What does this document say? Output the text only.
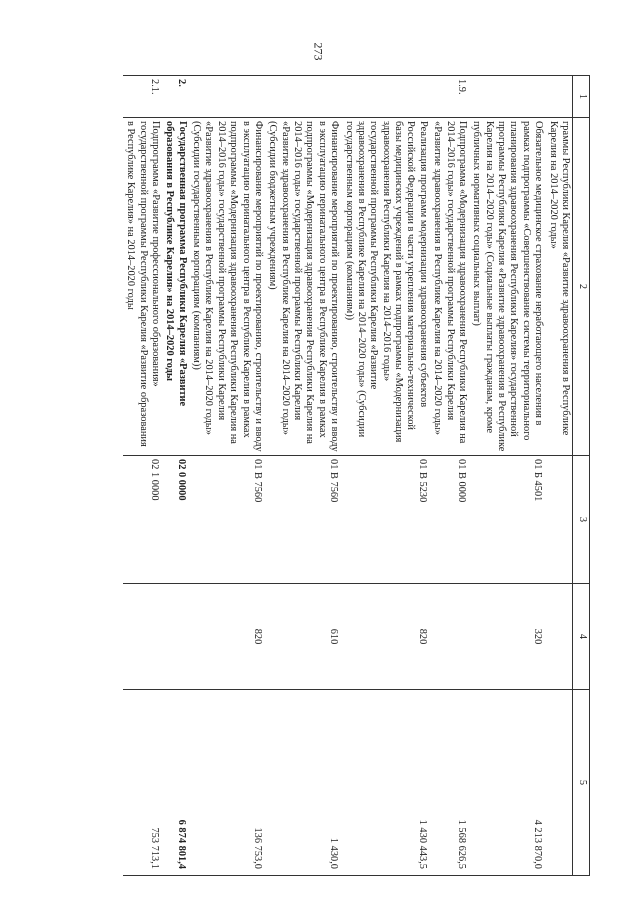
273
1	2	3	4	5
	граммы Республики Карелия «Развитие здравоохранения в Республике Карелия на 2014–2020 годы»			
	Обязательное медицинское страхование неработающего населения в рамках подпрограммы «Совершенствование системы территориального планирования здравоохранения Республики Карелия» государственной программы Республики Карелия «Развитие здравоохранения в Республике Карелия на 2014–2020 годы» (Социальные выплаты гражданам, кроме публичных нормативных социальных выплат)	01 Б 4501	320	4 213 870,0
1.9.	Подпрограмма «Модернизация здравоохранения Республики Карелия на 2014–2016 годы» государственной программы Республики Карелия «Развитие здравоохранения в Республике Карелия на 2014–2020 годы»	01 В 0000		1 568 626,5
	Реализация программ модернизации здравоохранения субъектов Российской Федерации в части укрепления материально-технической базы медицинских учреждений в рамках подпрограммы «Модернизация здравоохранения Республики Карелия на 2014–2016 годы» государственной программы Республики Карелия «Развитие здравоохранения в Республике Карелия на 2014–2020 годы» (Субсидии государственным корпорациям (компаниям))	01 В 5230	820	1 430 443,5
	Финансирование мероприятий по проектированию, строительству и вводу в эксплуатацию перинатального центра в Республике Карелия в рамках подпрограммы «Модернизация здравоохранения Республики Карелия на 2014–2016 годы» государственной программы Республики Карелия «Развитие здравоохранения в Республике Карелия на 2014–2020 годы» (Субсидии бюджетным учреждениям)	01 В 7560	610	1 430,0
	Финансирование мероприятий по проектированию, строительству и вводу в эксплуатацию перинатального центра в Республике Карелия в рамках подпрограммы «Модернизация здравоохранения Республики Карелия на 2014–2016 годы» государственной программы Республики Карелия «Развитие здравоохранения в Республике Карелия на 2014–2020 годы» (Субсидии государственным корпорациям (компаниям))	01 В 7560	820	136 753,0
2.	Государственная программа Республики Карелия «Развитие образования в Республике Карелия» на 2014–2020 годы	02 0 0000		6 874 801,4
2.1.	Подпрограмма «Развитие профессионального образования» государственной программы Республики Карелия «Развитие образования в Республике Карелия» на 2014–2020 годы	02 1 0000		753 713,1
